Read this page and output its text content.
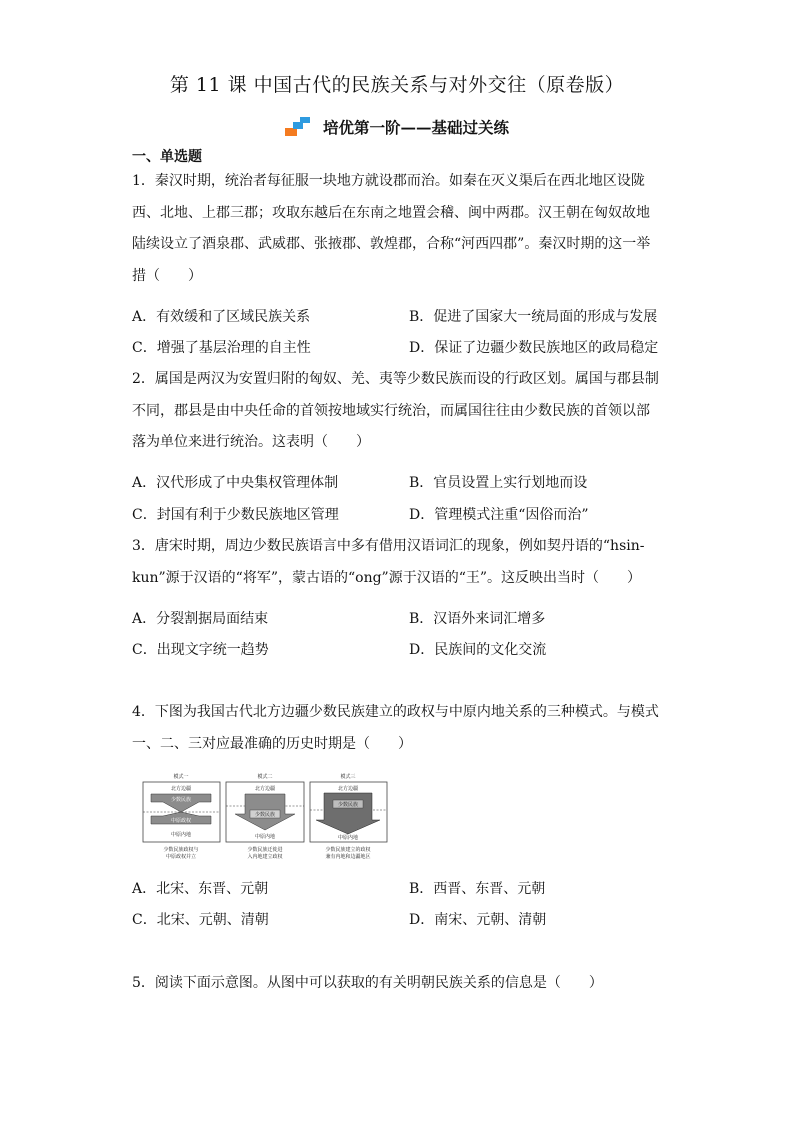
第 11 课 中国古代的民族关系与对外交往（原卷版）
培优第一阶——基础过关练
一、单选题
1．秦汉时期，统治者每征服一块地方就设郡而治。如秦在灭义渠后在西北地区设陇
西、北地、上郡三郡；攻取东越后在东南之地置会稽、闽中两郡。汉王朝在匈奴故地
陆续设立了酒泉郡、武威郡、张掖郡、敦煌郡，合称“河西四郡”。秦汉时期的这一举
措（　　）
A．有效缓和了区域民族关系	B．促进了国家大一统局面的形成与发展
C．增强了基层治理的自主性	D．保证了边疆少数民族地区的政局稳定
2．属国是两汉为安置归附的匈奴、羌、夷等少数民族而设的行政区划。属国与郡县制
不同，郡县是由中央任命的首领按地域实行统治，而属国往往由少数民族的首领以部
落为单位来进行统治。这表明（　　）
A．汉代形成了中央集权管理体制	B．官员设置上实行划地而设
C．封国有利于少数民族地区管理	D．管理模式注重“因俗而治”
3．唐宋时期，周边少数民族语言中多有借用汉语词汇的现象，例如契丹语的“hsin-
kun”源于汉语的“将军”，蒙古语的“ong”源于汉语的“王”。这反映出当时（　　）
A．分裂割据局面结束	B．汉语外来词汇增多
C．出现文字统一趋势	D．民族间的文化交流
4．下图为我国古代北方边疆少数民族建立的政权与中原内地关系的三种模式。与模式
一、二、三对应最准确的历史时期是（　　）
模式一
北方边疆
少数民族
中原政权
中原内地
少数民族政权与
中原政权并立
模式二
北方边疆
少数民族
中原内地
少数民族迁徙进
入内地建立政权
模式三
北方边疆
少数民族
中原内地
少数民族建立的政权
兼有内地和边疆地区
A．北宋、东晋、元朝	B．西晋、东晋、元朝
C．北宋、元朝、清朝	D．南宋、元朝、清朝
5．阅读下面示意图。从图中可以获取的有关明朝民族关系的信息是（　　）
